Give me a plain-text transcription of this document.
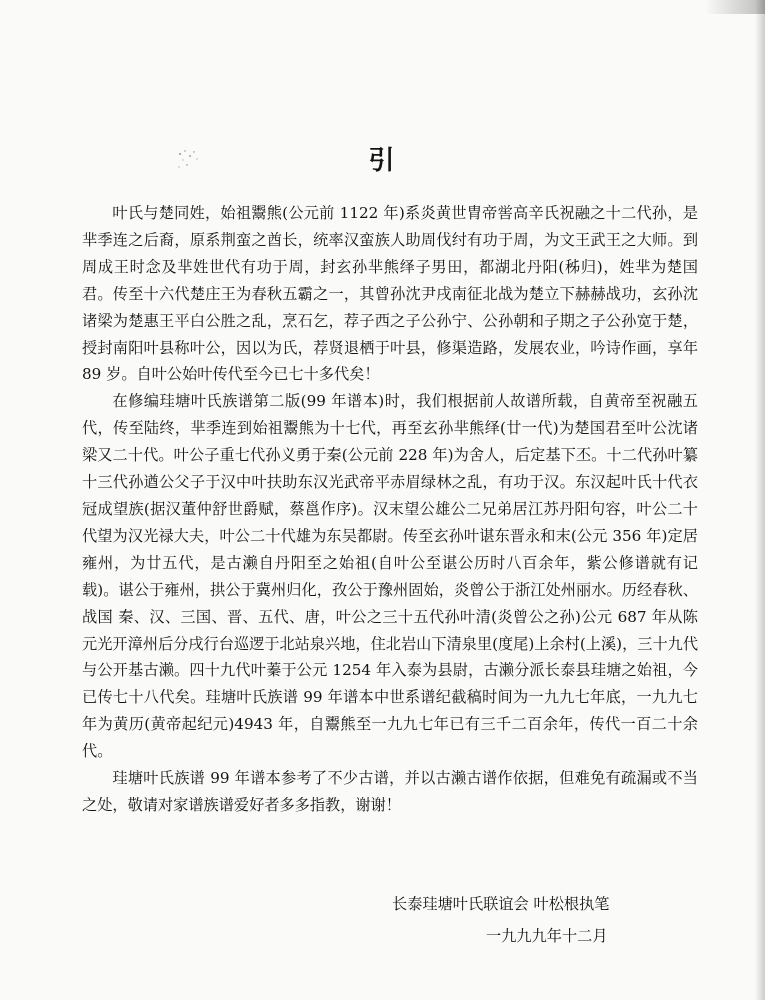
引

叶氏与楚同姓，始祖鬻熊(公元前 1122 年)系炎黄世胄帝喾高辛氏祝融之十二代孙，是芈季连之后裔，原系荆蛮之酋长，统率汉蛮族人助周伐纣有功于周，为文王武王之大师。到周成王时念及芈姓世代有功于周，封玄孙芈熊绎子男田，都湖北丹阳(秭归)，姓芈为楚国君。传至十六代楚庄王为春秋五霸之一，其曾孙沈尹戌南征北战为楚立下赫赫战功，玄孙沈诸梁为楚惠王平白公胜之乱，烹石乞，荐子西之子公孙宁、公孙朝和子期之子公孙宽于楚，授封南阳叶县称叶公，因以为氏，荐贤退栖于叶县，修渠造路，发展农业，吟诗作画，享年 89 岁。自叶公始叶传代至今已七十多代矣！

在修编珪塘叶氏族谱第二版(99 年谱本)时，我们根据前人故谱所载，自黄帝至祝融五代，传至陆终，芈季连到始祖鬻熊为十七代，再至玄孙芈熊绎(廿一代)为楚国君至叶公沈诸梁又二十代。叶公子重七代孙义勇于秦(公元前 228 年)为舍人，后定基下丕。十二代孙叶纂十三代孙遒公父子于汉中叶扶助东汉光武帝平赤眉绿林之乱，有功于汉。东汉起叶氏十代衣冠成望族(据汉董仲舒世爵赋，蔡邕作序)。汉末望公雄公二兄弟居江苏丹阳句容，叶公二十代望为汉光禄大夫，叶公二十代雄为东吴都尉。传至玄孙叶谌东晋永和末(公元 356 年)定居雍州，为廿五代，是古濑自丹阳至之始祖(自叶公至谌公历时八百余年，紫公修谱就有记载)。谌公于雍州，拱公于冀州归化，孜公于豫州固始，炎曾公于浙江处州丽水。历经春秋、战国 秦、汉、三国、晋、五代、唐，叶公之三十五代孙叶清(炎曾公之孙)公元 687 年从陈元光开漳州后分戌行台巡逻于北站泉兴地，住北岩山下清泉里(度尾)上余村(上溪)，三十九代与公开基古濑。四十九代叶蓁于公元 1254 年入泰为县尉，古濑分派长泰县珪塘之始祖，今已传七十八代矣。珪塘叶氏族谱 99 年谱本中世系谱纪截稿时间为一九九七年底，一九九七年为黄历(黄帝起纪元)4943 年，自鬻熊至一九九七年已有三千二百余年，传代一百二十余代。

珪塘叶氏族谱 99 年谱本参考了不少古谱，并以古濑古谱作依据，但难免有疏漏或不当之处，敬请对家谱族谱爱好者多多指教，谢谢！

长泰珪塘叶氏联谊会 叶松根执笔
一九九九年十二月
